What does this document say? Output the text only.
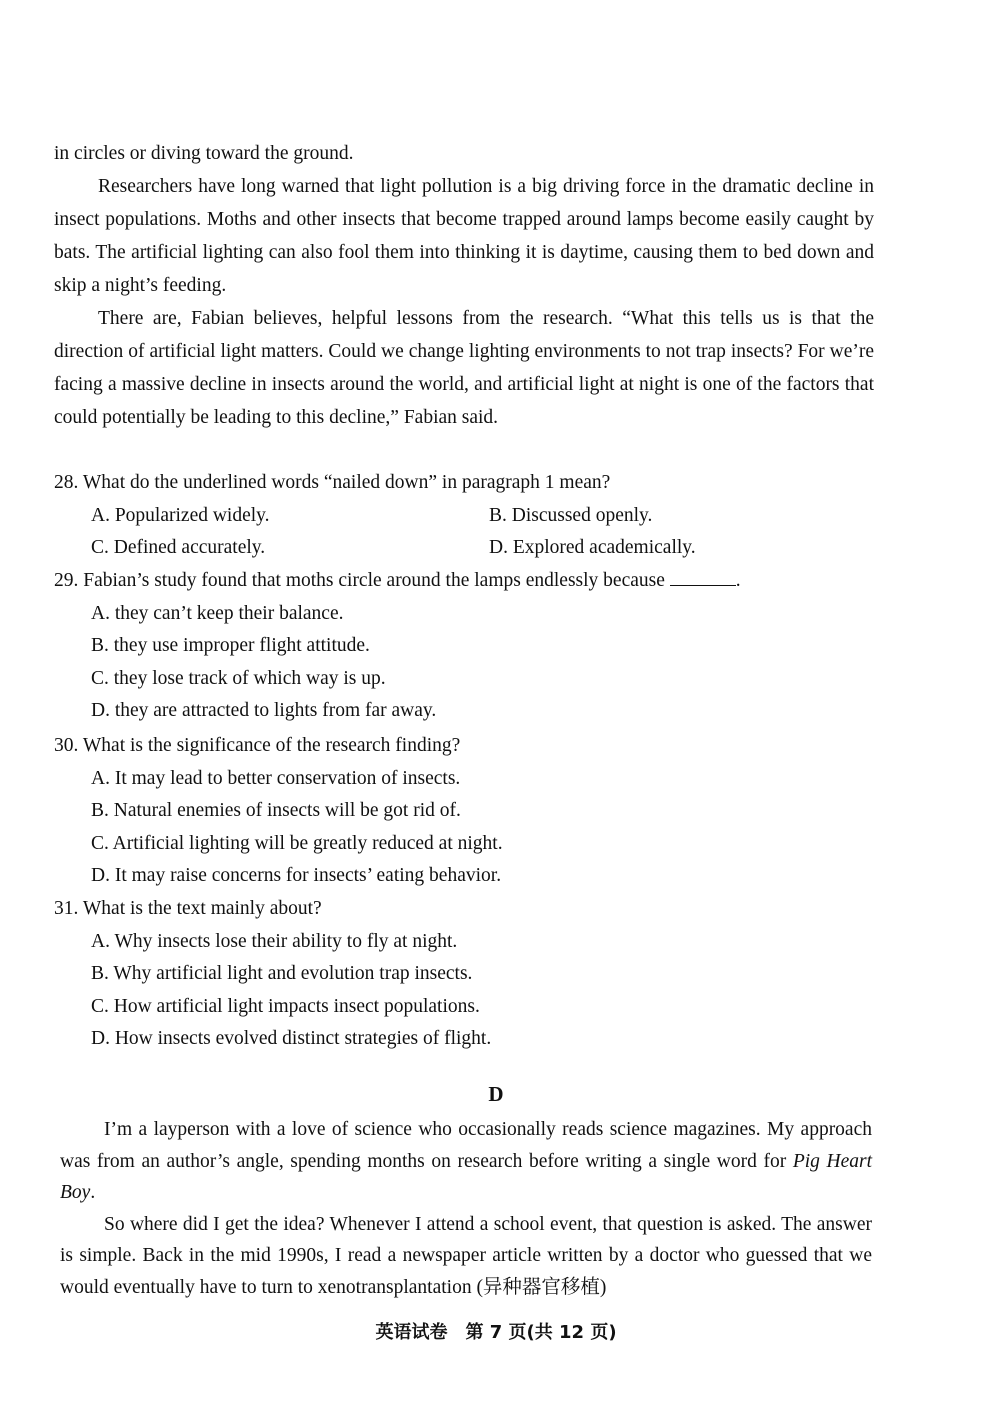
in circles or diving toward the ground.

Researchers have long warned that light pollution is a big driving force in the dramatic decline in insect populations. Moths and other insects that become trapped around lamps become easily caught by bats. The artificial lighting can also fool them into thinking it is daytime, causing them to bed down and skip a night’s feeding.

There are, Fabian believes, helpful lessons from the research. “What this tells us is that the direction of artificial light matters. Could we change lighting environments to not trap insects? For we’re facing a massive decline in insects around the world, and artificial light at night is one of the factors that could potentially be leading to this decline,” Fabian said.

28. What do the underlined words “nailed down” in paragraph 1 mean?

A. Popularized widely.	B. Discussed openly.
C. Defined accurately.	D. Explored academically.

29. Fabian’s study found that moths circle around the lamps endlessly because	.

A. they can’t keep their balance.
B. they use improper flight attitude.
C. they lose track of which way is up.
D. they are attracted to lights from far away.

30. What is the significance of the research finding?

A. It may lead to better conservation of insects.
B. Natural enemies of insects will be got rid of.
C. Artificial lighting will be greatly reduced at night.
D. It may raise concerns for insects’ eating behavior.

31. What is the text mainly about?

A. Why insects lose their ability to fly at night.
B. Why artificial light and evolution trap insects.
C. How artificial light impacts insect populations.
D. How insects evolved distinct strategies of flight.
D

I’m a layperson with a love of science who occasionally reads science magazines. My approach was from an author’s angle, spending months on research before writing a single word for Pig Heart Boy.

So where did I get the idea? Whenever I attend a school event, that question is asked. The answer is simple. Back in the mid 1990s, I read a newspaper article written by a doctor who guessed that we would eventually have to turn to xenotransplantation (异种器官移植)

英语试卷　第 7 页(共 12 页)
